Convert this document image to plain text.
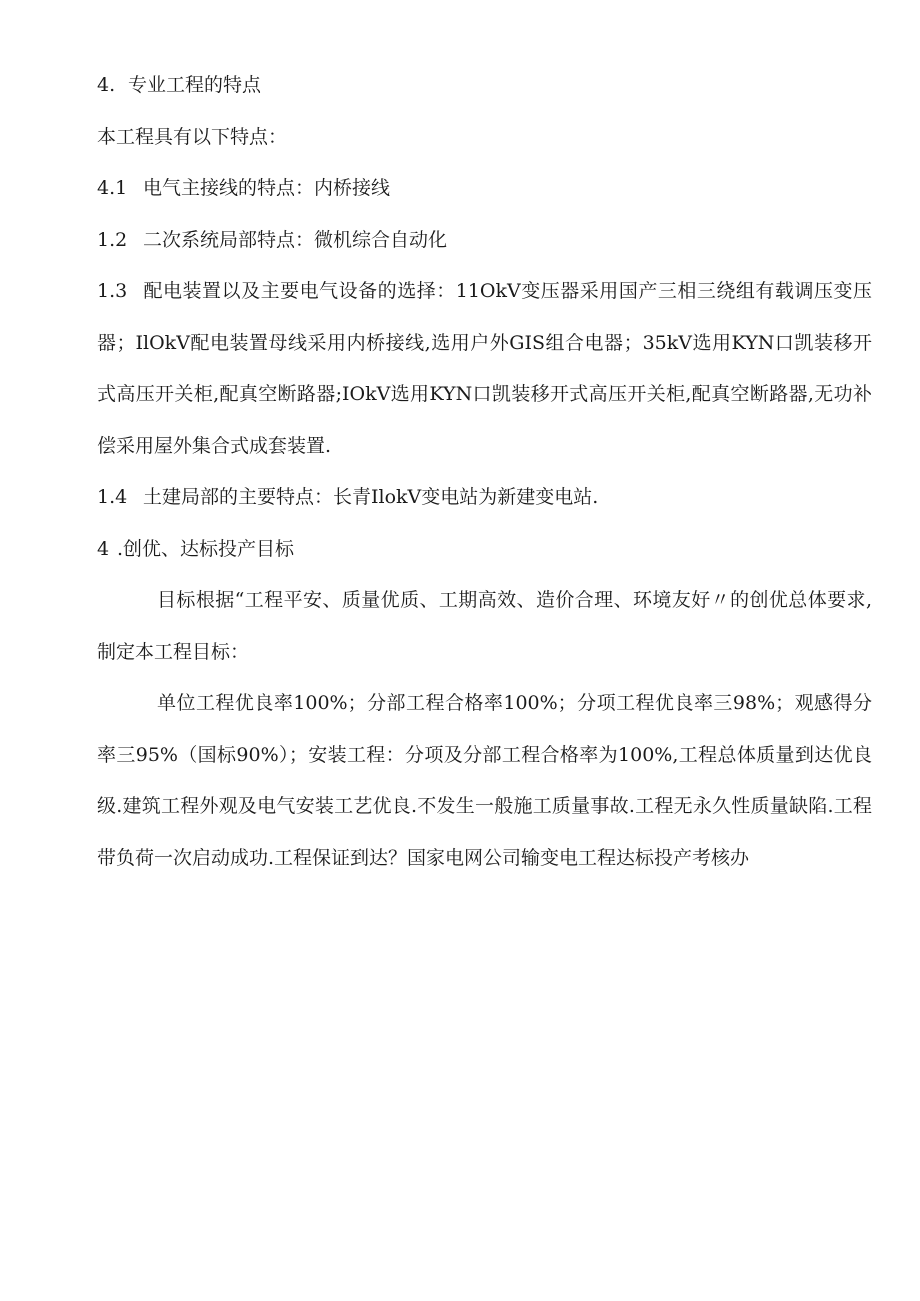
4. 专业工程的特点

本工程具有以下特点：

4.1 电气主接线的特点：内桥接线

1.2 二次系统局部特点：微机综合自动化

1.3 配电装置以及主要电气设备的选择：11OkV变压器采用国产三相三绕组有载调压变压器；IlOkV配电装置母线采用内桥接线,选用户外GIS组合电器；35kV选用KYN口凯装移开式高压开关柜,配真空断路器;IOkV选用KYN口凯装移开式高压开关柜,配真空断路器,无功补偿采用屋外集合式成套装置.

1.4 土建局部的主要特点：长青IlokV变电站为新建变电站.

4 .创优、达标投产目标

目标根据“工程平安、质量优质、工期高效、造价合理、环境友好〃的创优总体要求,制定本工程目标：

单位工程优良率100%；分部工程合格率100%；分项工程优良率三98%；观感得分率三95%（国标90%）；安装工程：分项及分部工程合格率为100%,工程总体质量到达优良级.建筑工程外观及电气安装工艺优良.不发生一般施工质量事故.工程无永久性质量缺陷.工程带负荷一次启动成功.工程保证到达？国家电网公司输变电工程达标投产考核办
